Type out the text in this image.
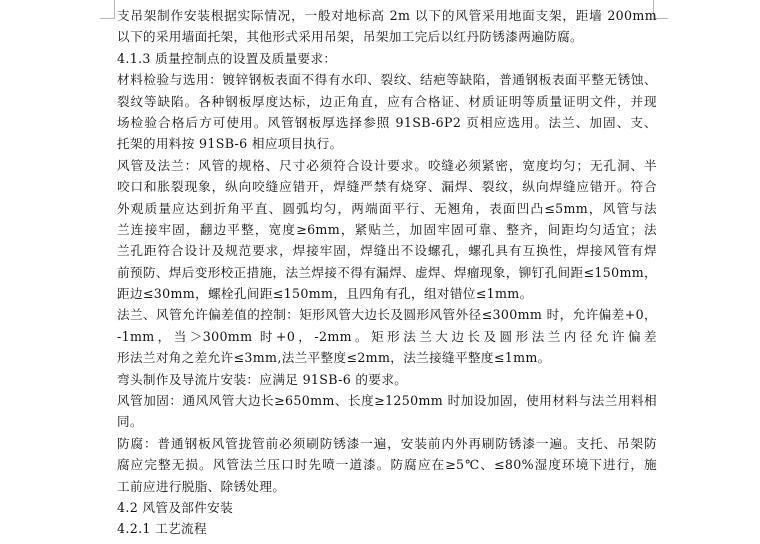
支吊架制作安装根据实际情况，一般对地标高 2m 以下的风管采用地面支架，距墙 200mm
以下的采用墙面托架，其他形式采用吊架，吊架加工完后以红丹防锈漆两遍防腐。
4.1.3 质量控制点的设置及质量要求：
材料检验与选用：镀锌钢板表面不得有水印、裂纹、结疤等缺陷，普通钢板表面平整无锈蚀、
裂纹等缺陷。各种钢板厚度达标，边正角直，应有合格证、材质证明等质量证明文件，并现
场检验合格后方可使用。风管钢板厚选择参照 91SB-6P2 页相应选用。法兰、加固、支、
托架的用料按 91SB-6 相应项目执行。
风管及法兰：风管的规格、尺寸必须符合设计要求。咬缝必须紧密，宽度均匀；无孔洞、半
咬口和胀裂现象，纵向咬缝应错开，焊缝严禁有烧穿、漏焊、裂纹，纵向焊缝应错开。符合
外观质量应达到折角平直、圆弧均匀，两端面平行、无翘角，表面凹凸≤5mm，风管与法
兰连接牢固，翻边平整，宽度≥6mm，紧贴兰，加固牢固可靠、整齐，间距均匀适宜；法
兰孔距符合设计及规范要求，焊接牢固，焊缝出不设螺孔，螺孔具有互换性，焊接风管有焊
前预防、焊后变形校正措施，法兰焊接不得有漏焊、虚焊、焊瘤现象，铆钉孔间距≤150mm，
距边≤30mm，螺栓孔间距≤150mm，且四角有孔，组对错位≤1mm。
法兰、风管允许偏差值的控制：矩形风管大边长及圆形风管外径≤300mm 时，允许偏差+0，
-1mm，当＞300mm 时+0，-2mm。矩形法兰大边长及圆形法兰内径允许偏差
形法兰对角之差允许≤3mm,法兰平整度≤2mm，法兰接缝平整度≤1mm。
弯头制作及导流片安装：应满足 91SB-6 的要求。
风管加固：通风风管大边长≥650mm、长度≥1250mm 时加设加固，使用材料与法兰用料相
同。
防腐：普通钢板风管拢管前必须刷防锈漆一遍，安装前内外再刷防锈漆一遍。支托、吊架防
腐应完整无损。风管法兰压口时先喷一道漆。防腐应在≥5℃、≤80%湿度环境下进行，施
工前应进行脱脂、除锈处理。
4.2 风管及部件安装
4.2.1 工艺流程
